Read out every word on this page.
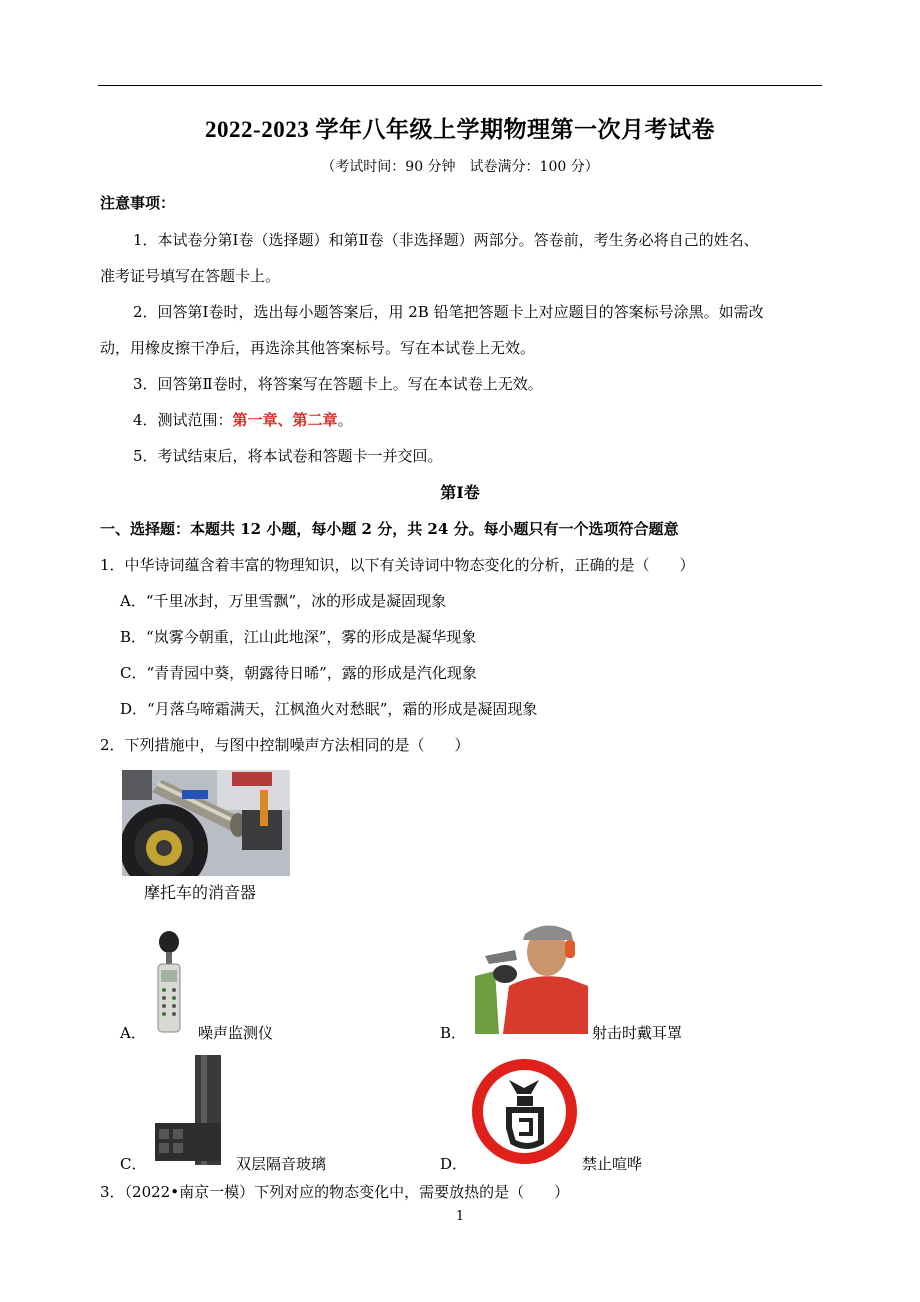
2022-2023 学年八年级上学期物理第一次月考试卷
（考试时间：90 分钟　试卷满分：100 分）
注意事项：
1．本试卷分第Ⅰ卷（选择题）和第Ⅱ卷（非选择题）两部分。答卷前，考生务必将自己的姓名、
准考证号填写在答题卡上。
2．回答第Ⅰ卷时，选出每小题答案后，用 2B 铅笔把答题卡上对应题目的答案标号涂黑。如需改
动，用橡皮擦干净后，再选涂其他答案标号。写在本试卷上无效。
3．回答第Ⅱ卷时，将答案写在答题卡上。写在本试卷上无效。
4．测试范围：第一章、第二章。
5．考试结束后，将本试卷和答题卡一并交回。
第Ⅰ卷
一、选择题：本题共 12 小题，每小题 2 分，共 24 分。每小题只有一个选项符合题意
1．中华诗词蕴含着丰富的物理知识，以下有关诗词中物态变化的分析，正确的是（　　）
A．“千里冰封，万里雪飘”，冰的形成是凝固现象
B．“岚雾今朝重，江山此地深”，雾的形成是凝华现象
C．“青青园中葵，朝露待日晞”，露的形成是汽化现象
D．“月落乌啼霜满天，江枫渔火对愁眠”，霜的形成是凝固现象
2．下列措施中，与图中控制噪声方法相同的是（　　）
摩托车的消音器
A．	噪声监测仪	B．	射击时戴耳罩
C．	双层隔音玻璃	D．	禁止喧哗
3．（2022•南京一模）下列对应的物态变化中，需要放热的是（　　）
1
